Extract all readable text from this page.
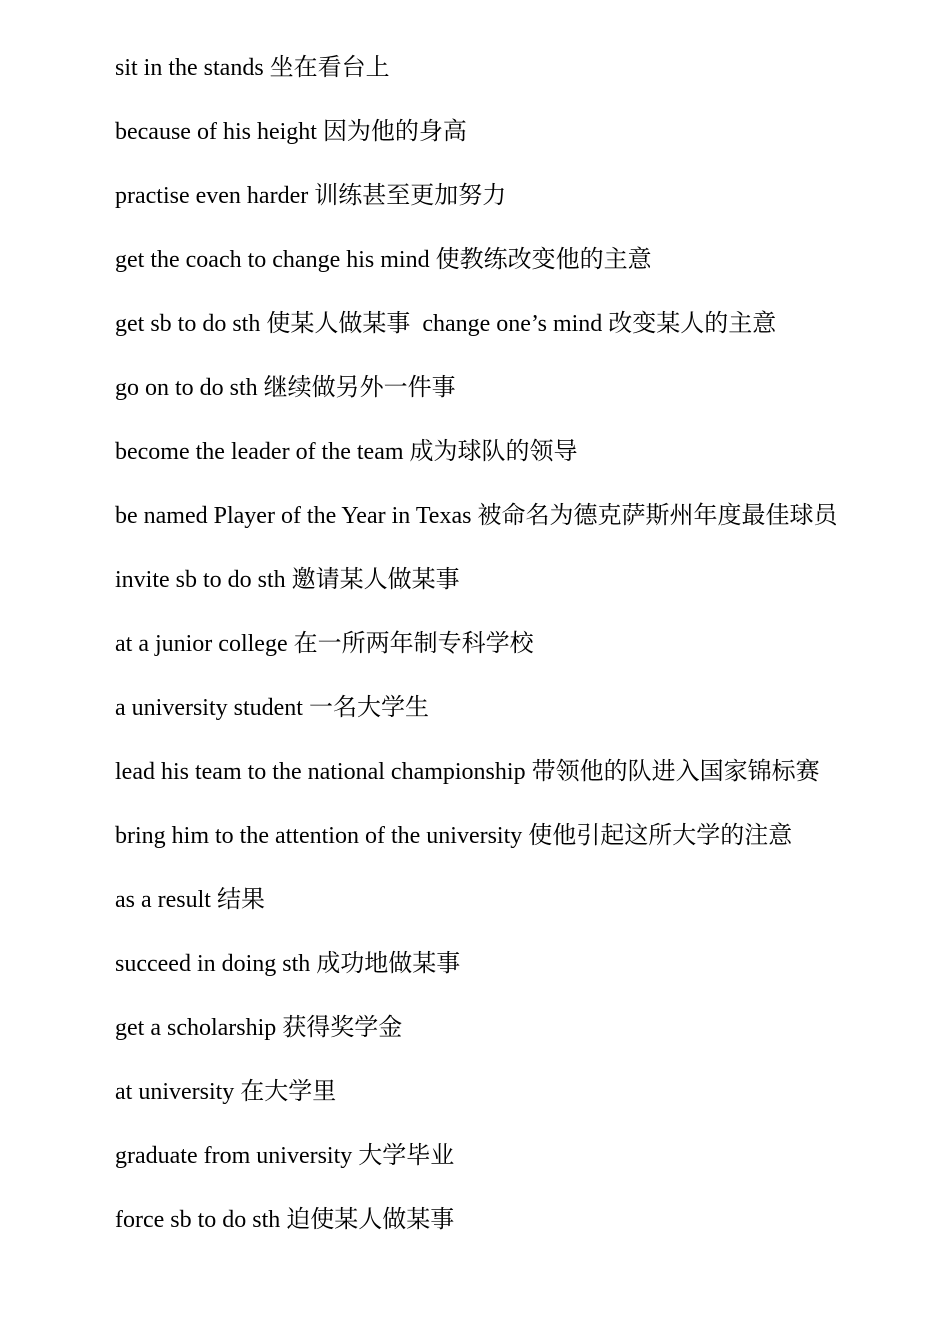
sit in the stands 坐在看台上
because of his height 因为他的身高
practise even harder 训练甚至更加努力
get the coach to change his mind 使教练改变他的主意
get sb to do sth 使某人做某事  change one’s mind 改变某人的主意
go on to do sth 继续做另外一件事
become the leader of the team 成为球队的领导
be named Player of the Year in Texas 被命名为德克萨斯州年度最佳球员
invite sb to do sth 邀请某人做某事
at a junior college 在一所两年制专科学校
a university student 一名大学生
lead his team to the national championship 带领他的队进入国家锦标赛
bring him to the attention of the university 使他引起这所大学的注意
as a result 结果
succeed in doing sth 成功地做某事
get a scholarship 获得奖学金
at university 在大学里
graduate from university 大学毕业
force sb to do sth 迫使某人做某事
